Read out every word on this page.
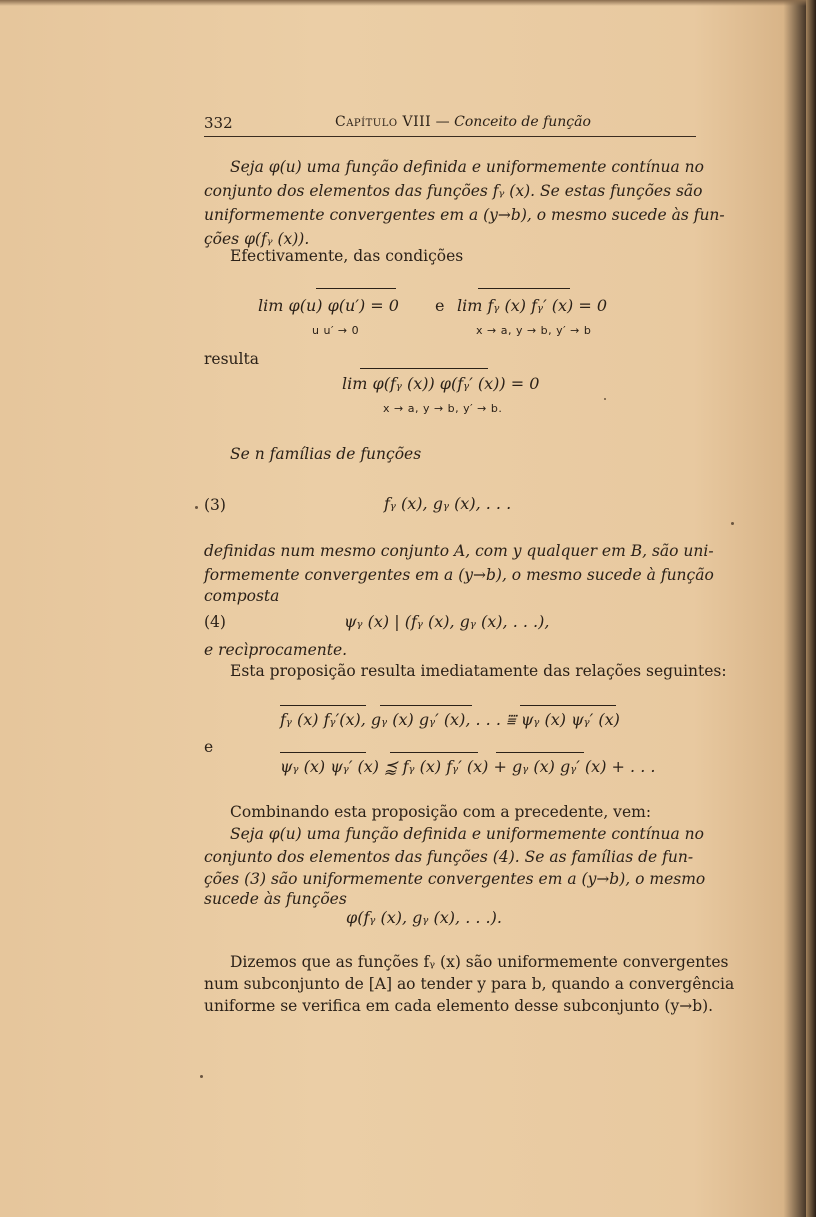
332	Capítulo VIII — Conceito de função
Seja φ(u) uma função definida e uniformemente contínua no
conjunto dos elementos das funções fᵧ (x). Se estas funções são
uniformemente convergentes em a (y→b), o mesmo sucede às fun-
ções φ(fᵧ (x)).
Efectivamente, das condições
lim φ(u) φ(u′) = 0 e lim fᵧ (x) fᵧ′ (x) = 0
u u′ → 0	x → a, y → b, y′ → b
resulta
lim φ(fᵧ (x)) φ(fᵧ′ (x)) = 0
x → a, y → b, y′ → b.
Se n famílias de funções
(3)	fᵧ (x), gᵧ (x), . . .
definidas num mesmo conjunto A, com y qualquer em B, são uni-
formemente convergentes em a (y→b), o mesmo sucede à função
composta
(4)	ψᵧ (x) | (fᵧ (x), gᵧ (x), . . .),
e recìprocamente.
Esta proposição resulta imediatamente das relações seguintes:
fᵧ (x) fᵧ′(x), gᵧ (x) gᵧ′ (x), . . . ⩸ ψᵧ (x) ψᵧ′ (x)
e
ψᵧ (x) ψᵧ′ (x) ⪷ fᵧ (x) fᵧ′ (x) + gᵧ (x) gᵧ′ (x) + . . .
Combinando esta proposição com a precedente, vem:
Seja φ(u) uma função definida e uniformemente contínua no
conjunto dos elementos das funções (4). Se as famílias de fun-
ções (3) são uniformemente convergentes em a (y→b), o mesmo
sucede às funções
φ(fᵧ (x), gᵧ (x), . . .).
Dizemos que as funções fᵧ (x) são uniformemente convergentes
num subconjunto de [A] ao tender y para b, quando a convergência
uniforme se verifica em cada elemento desse subconjunto (y→b).
